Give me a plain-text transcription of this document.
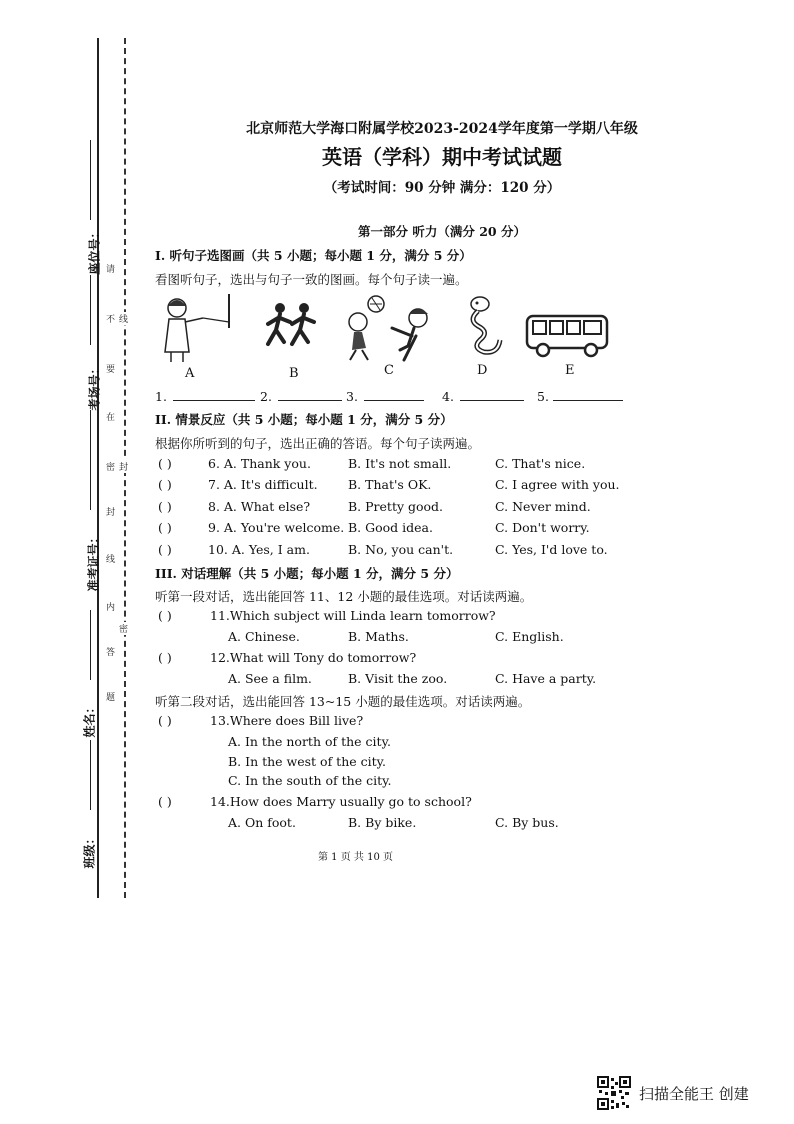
座位号：
考场号：
准考证号：
姓名：
班级：
请
不
要
在
密
封
线
内
答
题
线
封
密
北京师范大学海口附属学校2023-2024学年度第一学期八年级
英语（学科）期中考试试题
（考试时间：90 分钟 满分：120 分）
第一部分 听力（满分 20 分）
I. 听句子选图画（共 5 小题；每小题 1 分，满分 5 分）
看图听句子，选出与句子一致的图画。每个句子读一遍。
A	B	C	D	E
1.	2.	3.	4.	5.
II. 情景反应（共 5 小题；每小题 1 分，满分 5 分）
根据你所听到的句子，选出正确的答语。每个句子读两遍。
( )	6. A. Thank you.	B. It's not small.	C. That's nice.
( )	7. A. It's difficult. B. That's OK.	C. I agree with you.
( )	8. A. What else?	B. Pretty good.	C. Never mind.
( )	9. A. You're welcome. B. Good idea.	C. Don't worry.
( )	10. A. Yes, I am.	B. No, you can't.	C. Yes, I'd love to.
III. 对话理解（共 5 小题；每小题 1 分，满分 5 分）
听第一段对话，选出能回答 11、12 小题的最佳选项。对话读两遍。
( )	11.Which subject will Linda learn tomorrow?
A. Chinese.	B. Maths.	C. English.
( )	12.What will Tony do tomorrow?
A. See a film.	B. Visit the zoo.	C. Have a party.
听第二段对话，选出能回答 13~15 小题的最佳选项。对话读两遍。
( )	13.Where does Bill live?
A. In the north of the city.
B. In the west of the city.
C. In the south of the city.
( )	14.How does Marry usually go to school?
A. On foot.	B. By bike.	C. By bus.
第 1 页 共 10 页
扫描全能王 创建
